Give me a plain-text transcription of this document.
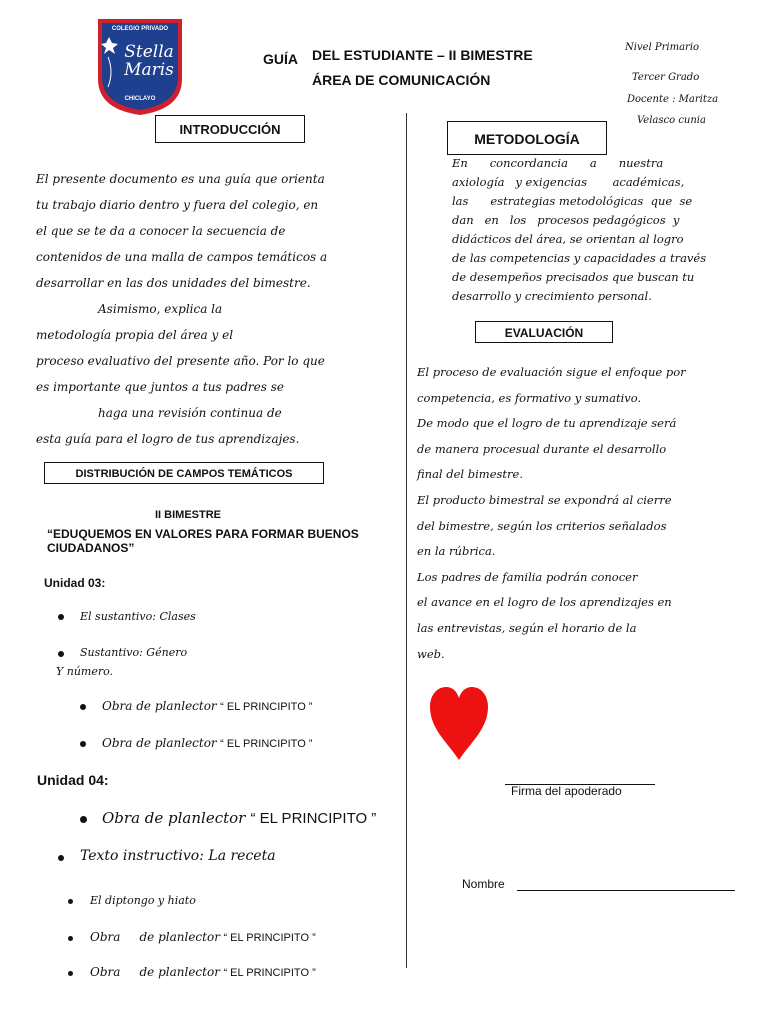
COLEGIO PRIVADO
Stella
Maris
CHICLAYO
GUÍA DEL ESTUDIANTE – II BIMESTRE
ÁREA DE COMUNICACIÓN
Nivel Primario
Tercer Grado
Docente : Maritza
Velasco cunia
INTRODUCCIÓN
El presente documento es una guía que orienta
tu trabajo diario dentro y fuera del colegio, en
el que se te da a conocer la secuencia de
contenidos de una malla de campos temáticos a
desarrollar en las dos unidades del bimestre.
Asimismo, explica la
metodología propia del área y el
proceso evaluativo del presente año. Por lo que
es importante que juntos a tus padres se
haga una revisión continua de
esta guía para el logro de tus aprendizajes.
DISTRIBUCIÓN DE CAMPOS TEMÁTICOS
II BIMESTRE
“EDUQUEMOS EN VALORES PARA FORMAR BUENOS
CIUDADANOS”
Unidad 03:
El sustantivo: Clases
Sustantivo: Género
Y número.
Obra de planlector “ EL PRINCIPITO ”
Obra de planlector “ EL PRINCIPITO ”
Unidad 04:
Obra de planlector “ EL PRINCIPITO ”
Texto instructivo: La receta
El diptongo y hiato
Obra     de planlector “ EL PRINCIPITO ”
Obra     de planlector “ EL PRINCIPITO ”
METODOLOGÍA
En      concordancia      a      nuestra
axiología   y exigencias       académicas,
las      estrategias metodológicas  que  se
dan   en   los   procesos pedagógicos  y
didácticos del área, se orientan al logro
de las competencias y capacidades a través
de desempeños precisados que buscan tu
desarrollo y crecimiento personal.
EVALUACIÓN
El proceso de evaluación sigue el enfoque por
competencia, es formativo y sumativo.
De modo que el logro de tu aprendizaje será
de manera procesual durante el desarrollo
final del bimestre.
El producto bimestral se expondrá al cierre
del bimestre, según los criterios señalados
en la rúbrica.
Los padres de familia podrán conocer
el avance en el logro de los aprendizajes en
las entrevistas, según el horario de la
web.
Firma del apoderado
Nombre
